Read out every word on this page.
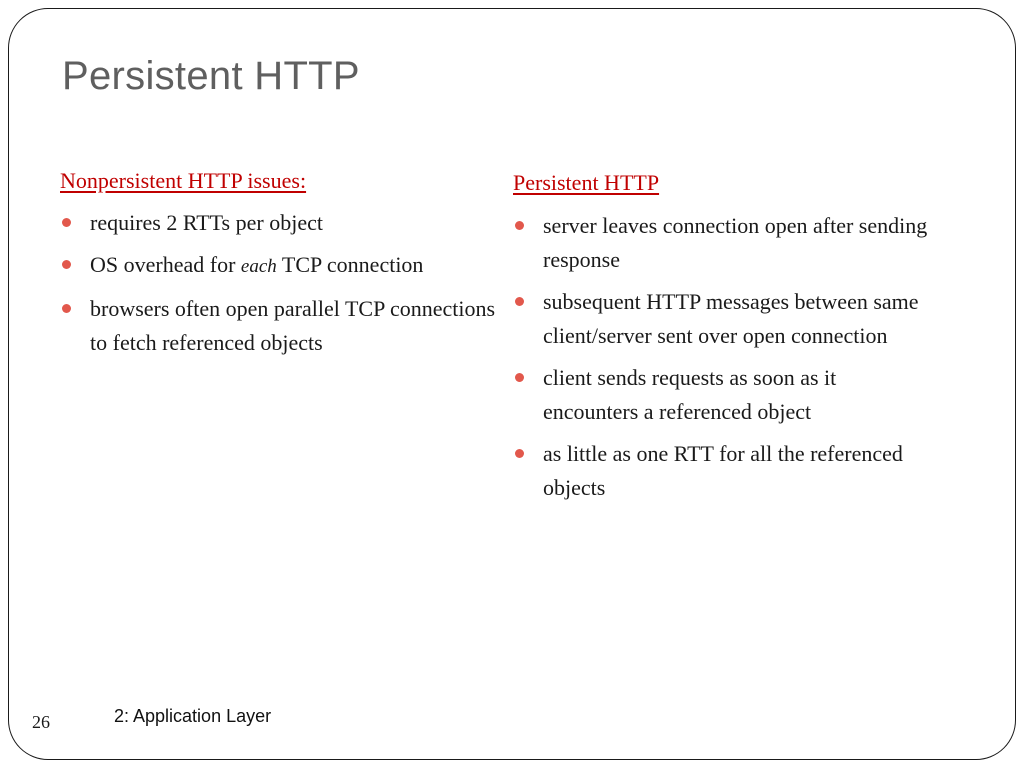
Persistent HTTP
Nonpersistent HTTP issues:
requires 2 RTTs per object
OS overhead for each TCP connection
browsers often open parallel TCP connections to fetch referenced objects
Persistent HTTP
server leaves connection open after sending response
subsequent HTTP messages between same client/server sent over open connection
client sends requests as soon as it encounters a referenced object
as little as one RTT for all the referenced objects
26	2: Application Layer
